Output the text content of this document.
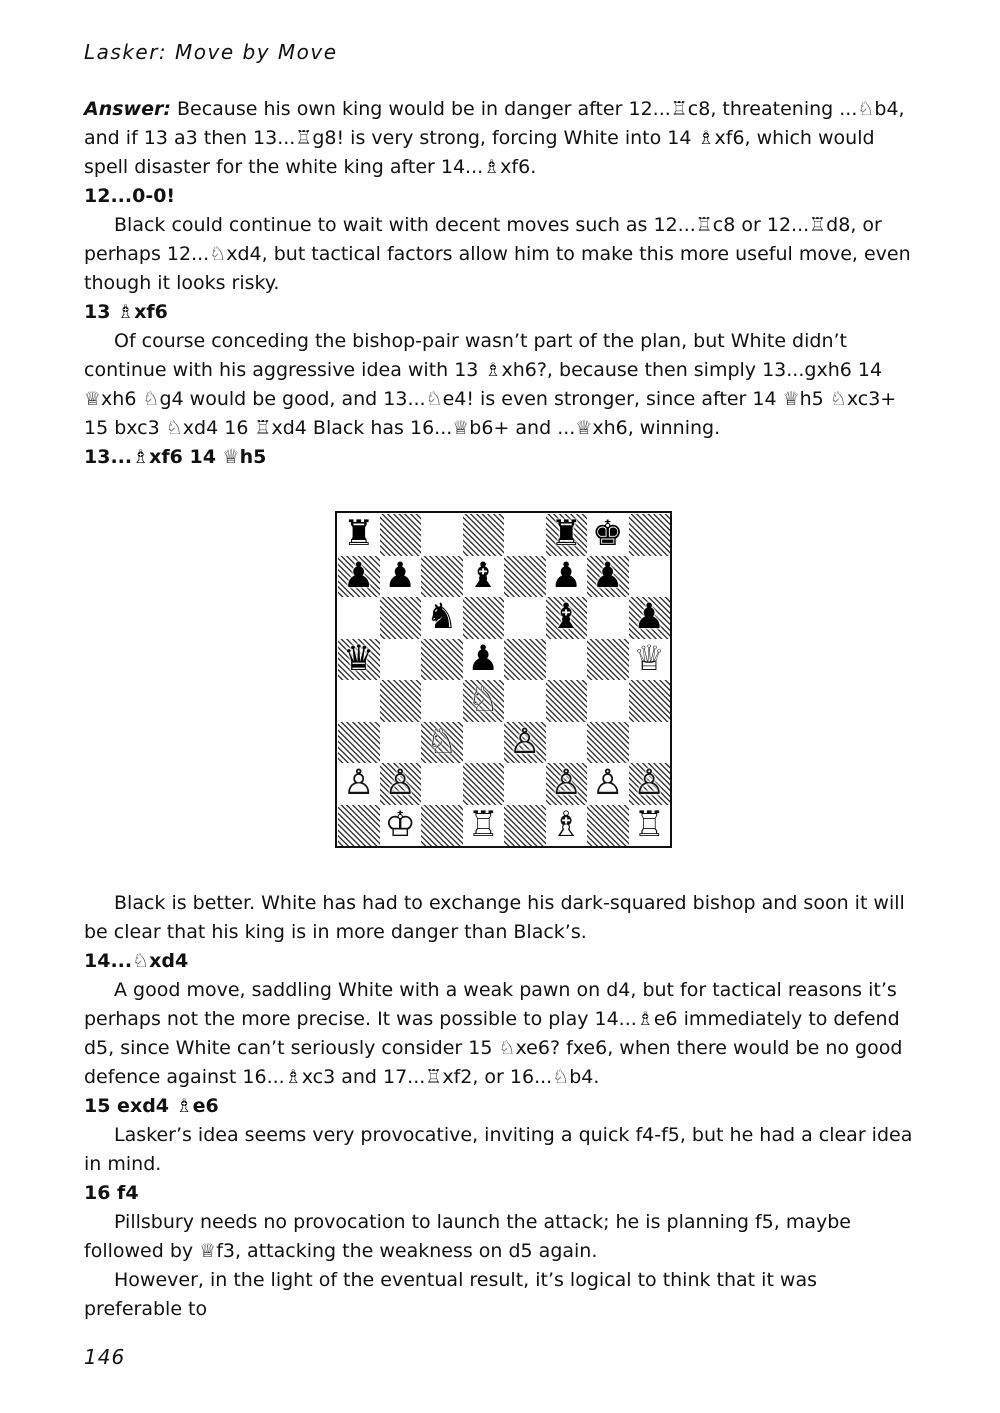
Lasker: Move by Move

Answer: Because his own king would be in danger after 12...♖c8, threatening ...♘b4, and if 13 a3 then 13...♖g8! is very strong, forcing White into 14 ♗xf6, which would spell disaster for the white king after 14...♗xf6.

12...0-0!

Black could continue to wait with decent moves such as 12...♖c8 or 12...♖d8, or perhaps 12...♘xd4, but tactical factors allow him to make this more useful move, even though it looks risky.

13 ♗xf6

Of course conceding the bishop-pair wasn’t part of the plan, but White didn’t continue with his aggressive idea with 13 ♗xh6?, because then simply 13...gxh6 14 ♕xh6 ♘g4 would be good, and 13...♘e4! is even stronger, since after 14 ♕h5 ♘xc3+ 15 bxc3 ♘xd4 16 ♖xd4 Black has 16...♕b6+ and ...♕xh6, winning.

13...♗xf6 14 ♕h5

♜	♜ ♚
♟ ♟ ♝ ♟ ♟
♞	♝ ♟
♛	♟	♕
♘
♘ ♙
♙ ♙	♙ ♙ ♙
♔ ♖ ♗ ♖

Black is better. White has had to exchange his dark-squared bishop and soon it will be clear that his king is in more danger than Black’s.

14...♘xd4

A good move, saddling White with a weak pawn on d4, but for tactical reasons it’s perhaps not the more precise. It was possible to play 14...♗e6 immediately to defend d5, since White can’t seriously consider 15 ♘xe6? fxe6, when there would be no good defence against 16...♗xc3 and 17...♖xf2, or 16...♘b4.

15 exd4 ♗e6

Lasker’s idea seems very provocative, inviting a quick f4-f5, but he had a clear idea in mind.

16 f4

Pillsbury needs no provocation to launch the attack; he is planning f5, maybe followed by ♕f3, attacking the weakness on d5 again.

However, in the light of the eventual result, it’s logical to think that it was preferable to

146
